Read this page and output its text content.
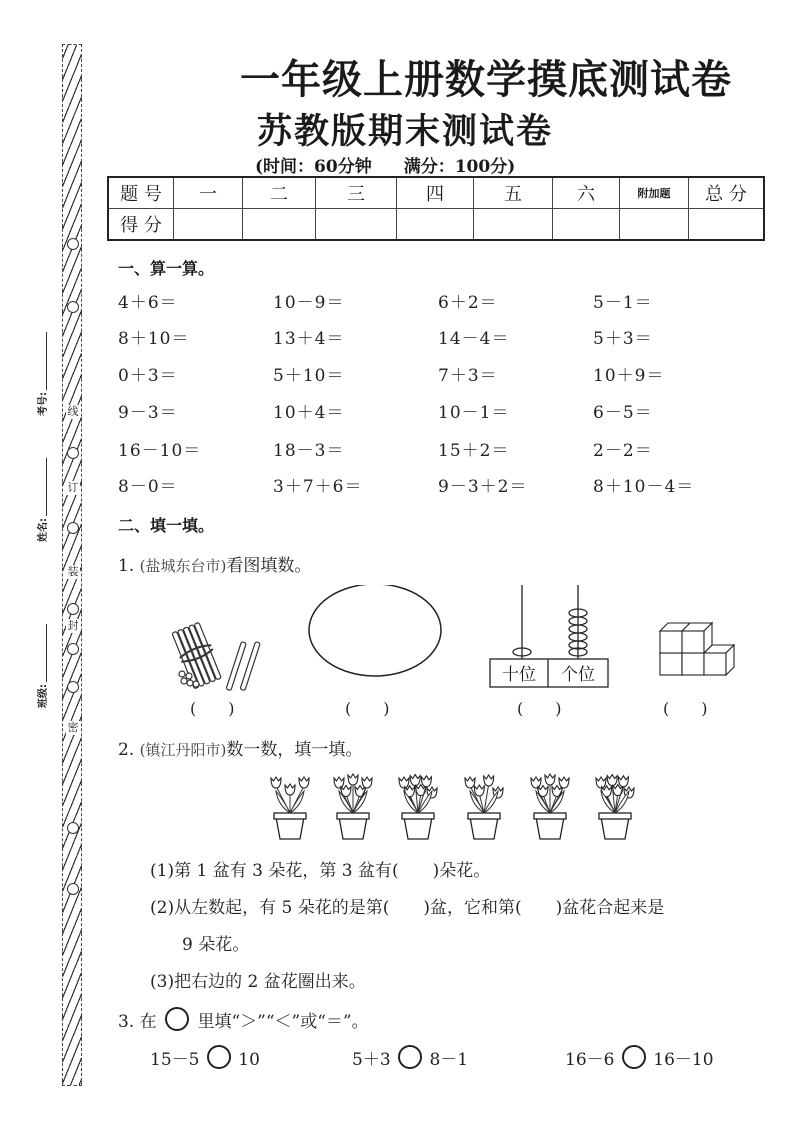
线
订
装
封
密
考号:
姓名:
班级:
一年级上册数学摸底测试卷
苏教版期末测试卷
(时间：60分钟 满分：100分)
题 号	一	二	三	四	五	六	附加题	总 分
得 分								
一、算一算。
4＋6＝	10－9＝	6＋2＝	5－1＝
8＋10＝	13＋4＝	14－4＝	5＋3＝
0＋3＝	5＋10＝	7＋3＝	10＋9＝
9－3＝	10＋4＝	10－1＝	6－5＝
16－10＝	18－3＝	15＋2＝	2－2＝
8－0＝	3＋7＋6＝	9－3＋2＝	8＋10－4＝
二、填一填。
1. (盐城东台市)看图填数。
十位	个位
(　　)	(　　)	(　　)	(　　)
2. (镇江丹阳市)数一数，填一填。
(1)第 1 盆有 3 朵花，第 3 盆有(　　)朵花。
(2)从左数起，有 5 朵花的是第(　　)盆，它和第(　　)盆花合起来是
9 朵花。
(3)把右边的 2 盆花圈出来。
3. 在 里填“＞”“＜”或“＝”。
15－5 10	5＋3 8－1	16－6 16－10
